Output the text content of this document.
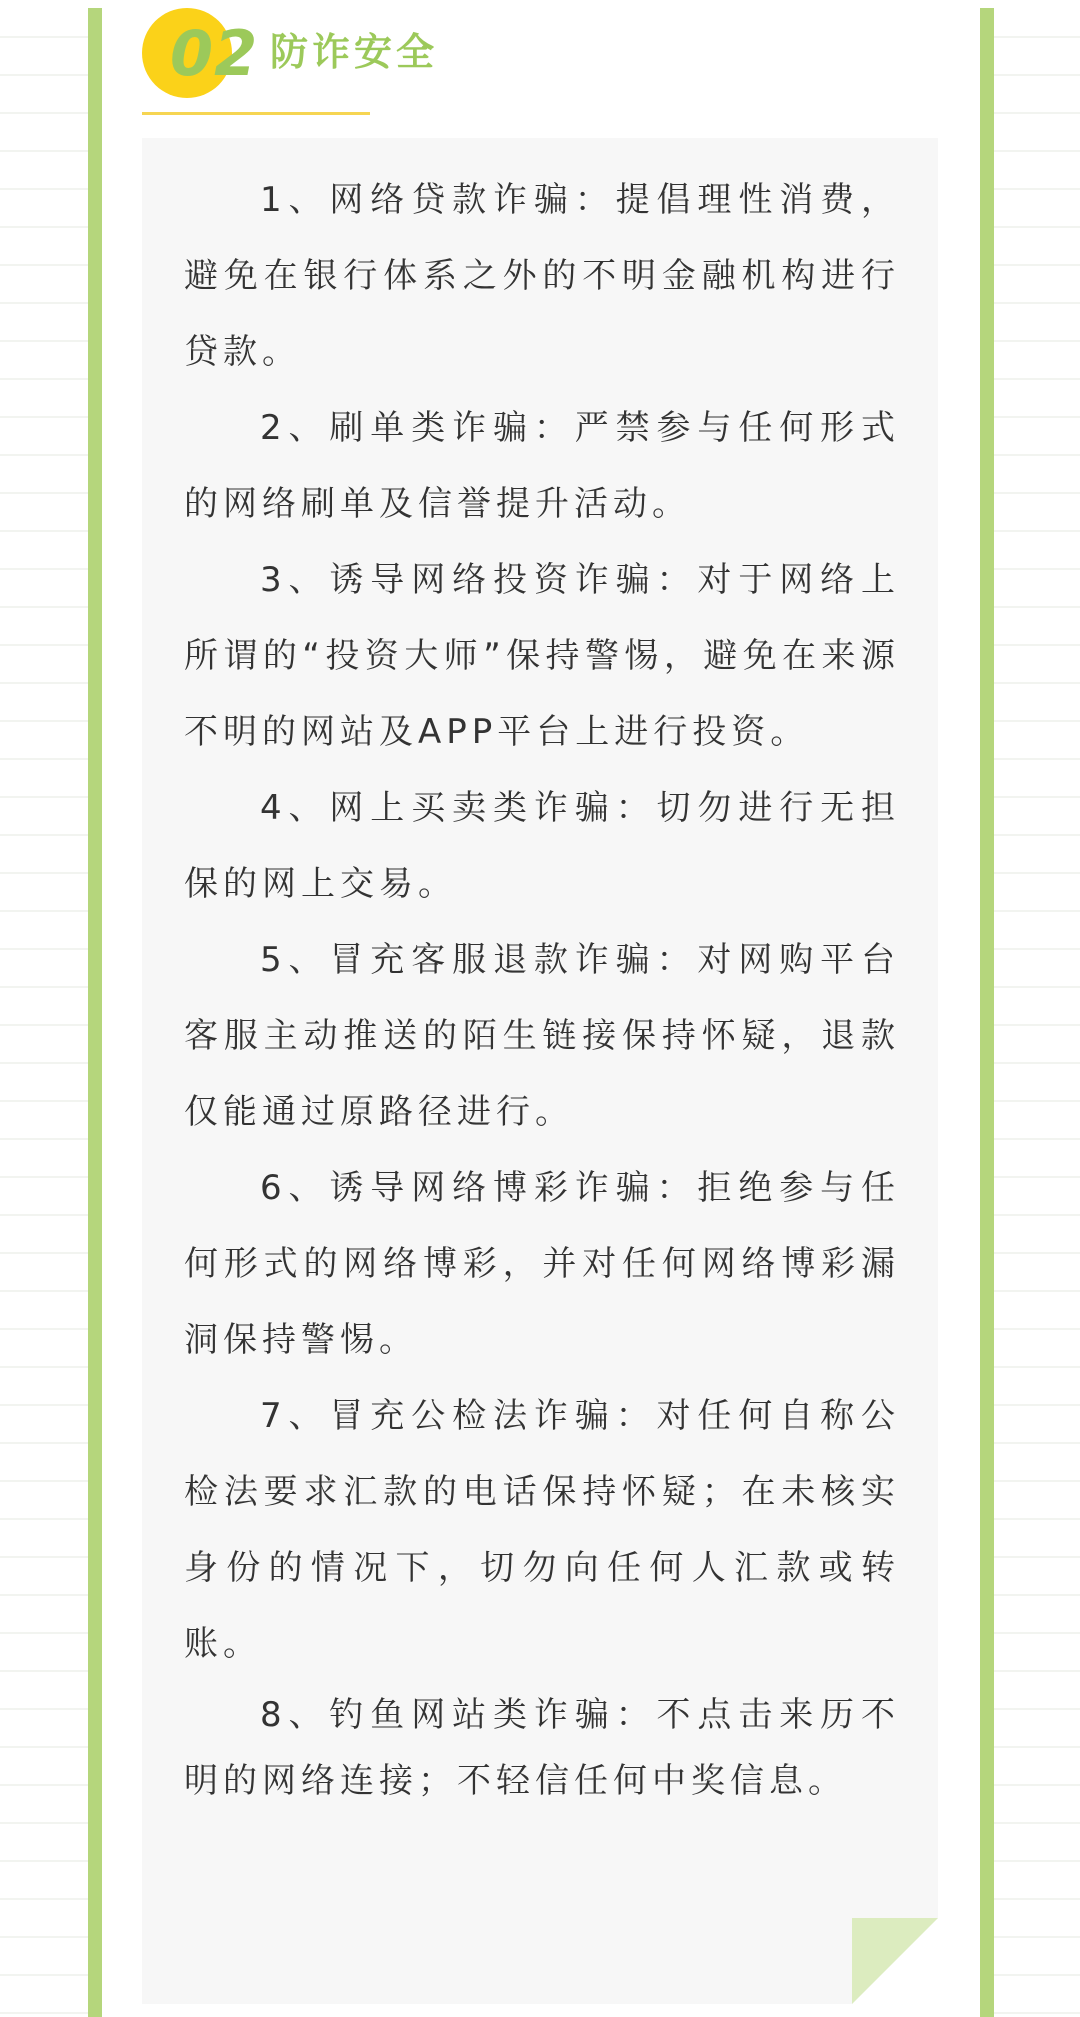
02 防诈安全

1、网络贷款诈骗：提倡理性消费，避免在银行体系之外的不明金融机构进行贷款。

2、刷单类诈骗：严禁参与任何形式的网络刷单及信誉提升活动。

3、诱导网络投资诈骗：对于网络上所谓的“投资大师”保持警惕，避免在来源不明的网站及APP平台上进行投资。

4、网上买卖类诈骗：切勿进行无担保的网上交易。

5、冒充客服退款诈骗：对网购平台客服主动推送的陌生链接保持怀疑，退款仅能通过原路径进行。

6、诱导网络博彩诈骗：拒绝参与任何形式的网络博彩，并对任何网络博彩漏洞保持警惕。

7、冒充公检法诈骗：对任何自称公检法要求汇款的电话保持怀疑；在未核实身份的情况下，切勿向任何人汇款或转账。

8、钓鱼网站类诈骗：不点击来历不明的网络连接；不轻信任何中奖信息。
